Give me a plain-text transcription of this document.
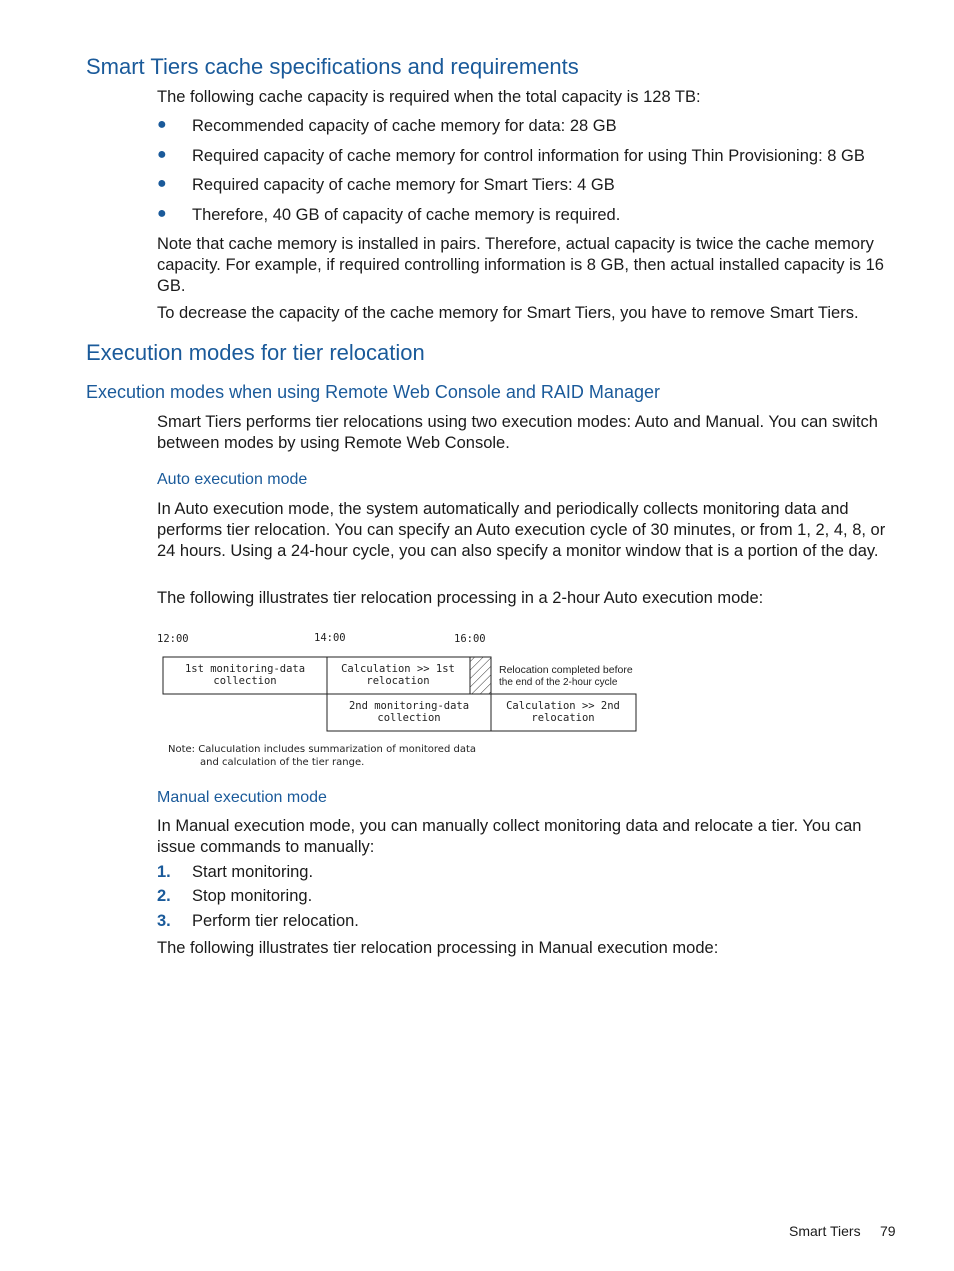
Smart Tiers cache specifications and requirements

The following cache capacity is required when the total capacity is 128 TB:

● Recommended capacity of cache memory for data: 28 GB
● Required capacity of cache memory for control information for using Thin Provisioning: 8 GB
● Required capacity of cache memory for Smart Tiers: 4 GB
● Therefore, 40 GB of capacity of cache memory is required.

Note that cache memory is installed in pairs. Therefore, actual capacity is twice the cache memory capacity. For example, if required controlling information is 8 GB, then actual installed capacity is 16 GB.

To decrease the capacity of the cache memory for Smart Tiers, you have to remove Smart Tiers.

Execution modes for tier relocation
Execution modes when using Remote Web Console and RAID Manager

Smart Tiers performs tier relocations using two execution modes: Auto and Manual. You can switch between modes by using Remote Web Console.

Auto execution mode

In Auto execution mode, the system automatically and periodically collects monitoring data and performs tier relocation. You can specify an Auto execution cycle of 30 minutes, or from 1, 2, 4, 8, or 24 hours. Using a 24-hour cycle, you can also specify a monitor window that is a portion of the day.

The following illustrates tier relocation processing in a 2-hour Auto execution mode:

12:00	14:00	16:00
1st monitoring-data
collection
Calculation >> 1st
relocation
2nd monitoring-data
collection
Calculation >> 2nd
relocation
Relocation completed before
the end of the 2-hour cycle
Note: CalucuIation includes summarization of monitored data
and calculation of the tier range.
Manual execution mode

In Manual execution mode, you can manually collect monitoring data and relocate a tier. You can issue commands to manually:

1. Start monitoring.
2. Stop monitoring.
3. Perform tier relocation.

The following illustrates tier relocation processing in Manual execution mode:

Smart Tiers 79
